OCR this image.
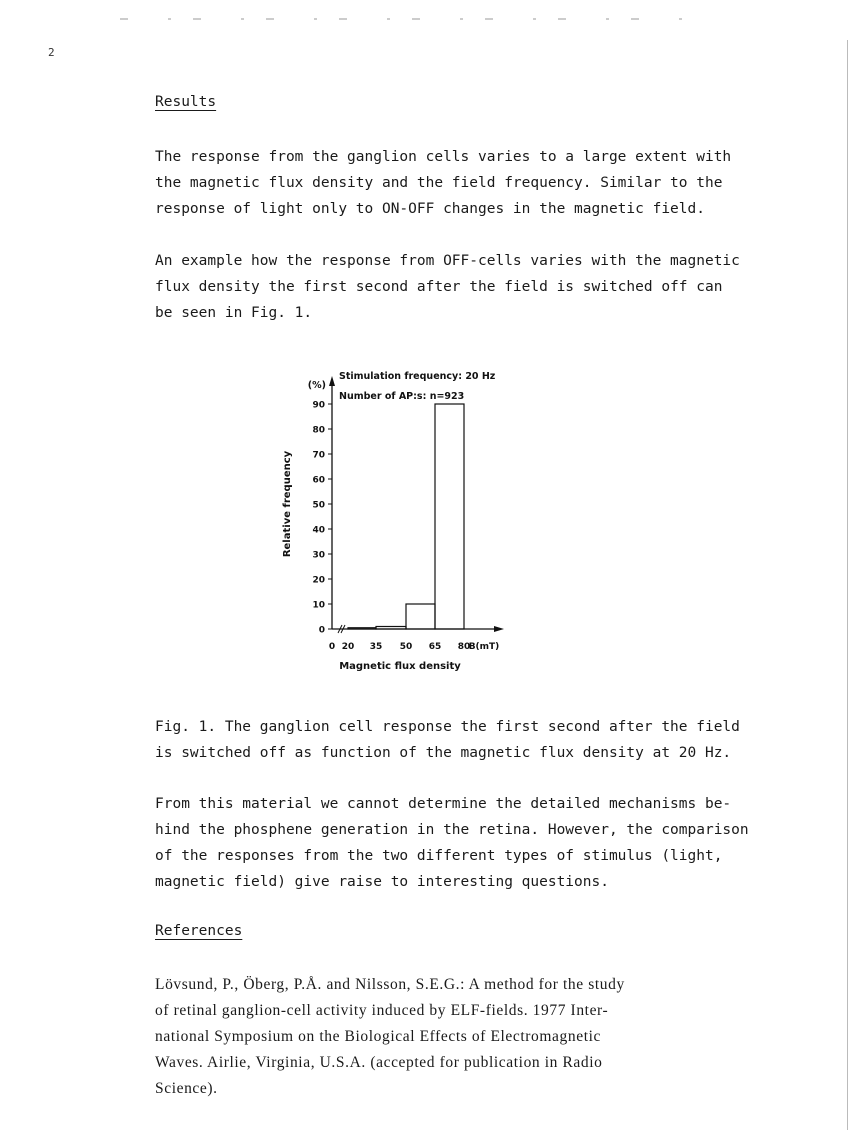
2
Results

The response from the ganglion cells varies to a large extent with
the magnetic flux density and the field frequency. Similar to the
response of light only to ON-OFF changes in the magnetic field.

An example how the response from OFF-cells varies with the magnetic
flux density the first second after the field is switched off can
be seen in Fig. 1.

0
10
20
30
40
50
60
70
80
90
0 20 35 50 65 80
B(mT)
(%)
Relative frequency
Magnetic flux density
Stimulation frequency: 20 Hz
Number of AP:s: n=923

Fig. 1. The ganglion cell response the first second after the field
is switched off as function of the magnetic flux density at 20 Hz.

From this material we cannot determine the detailed mechanisms be-
hind the phosphene generation in the retina. However, the comparison
of the responses from the two different types of stimulus (light,
magnetic field) give raise to interesting questions.

References

Lövsund, P., Öberg, P.Å. and Nilsson, S.E.G.: A method for the study
of retinal ganglion-cell activity induced by ELF-fields. 1977 Inter-
national Symposium on the Biological Effects of Electromagnetic
Waves. Airlie, Virginia, U.S.A. (accepted for publication in Radio
Science).
